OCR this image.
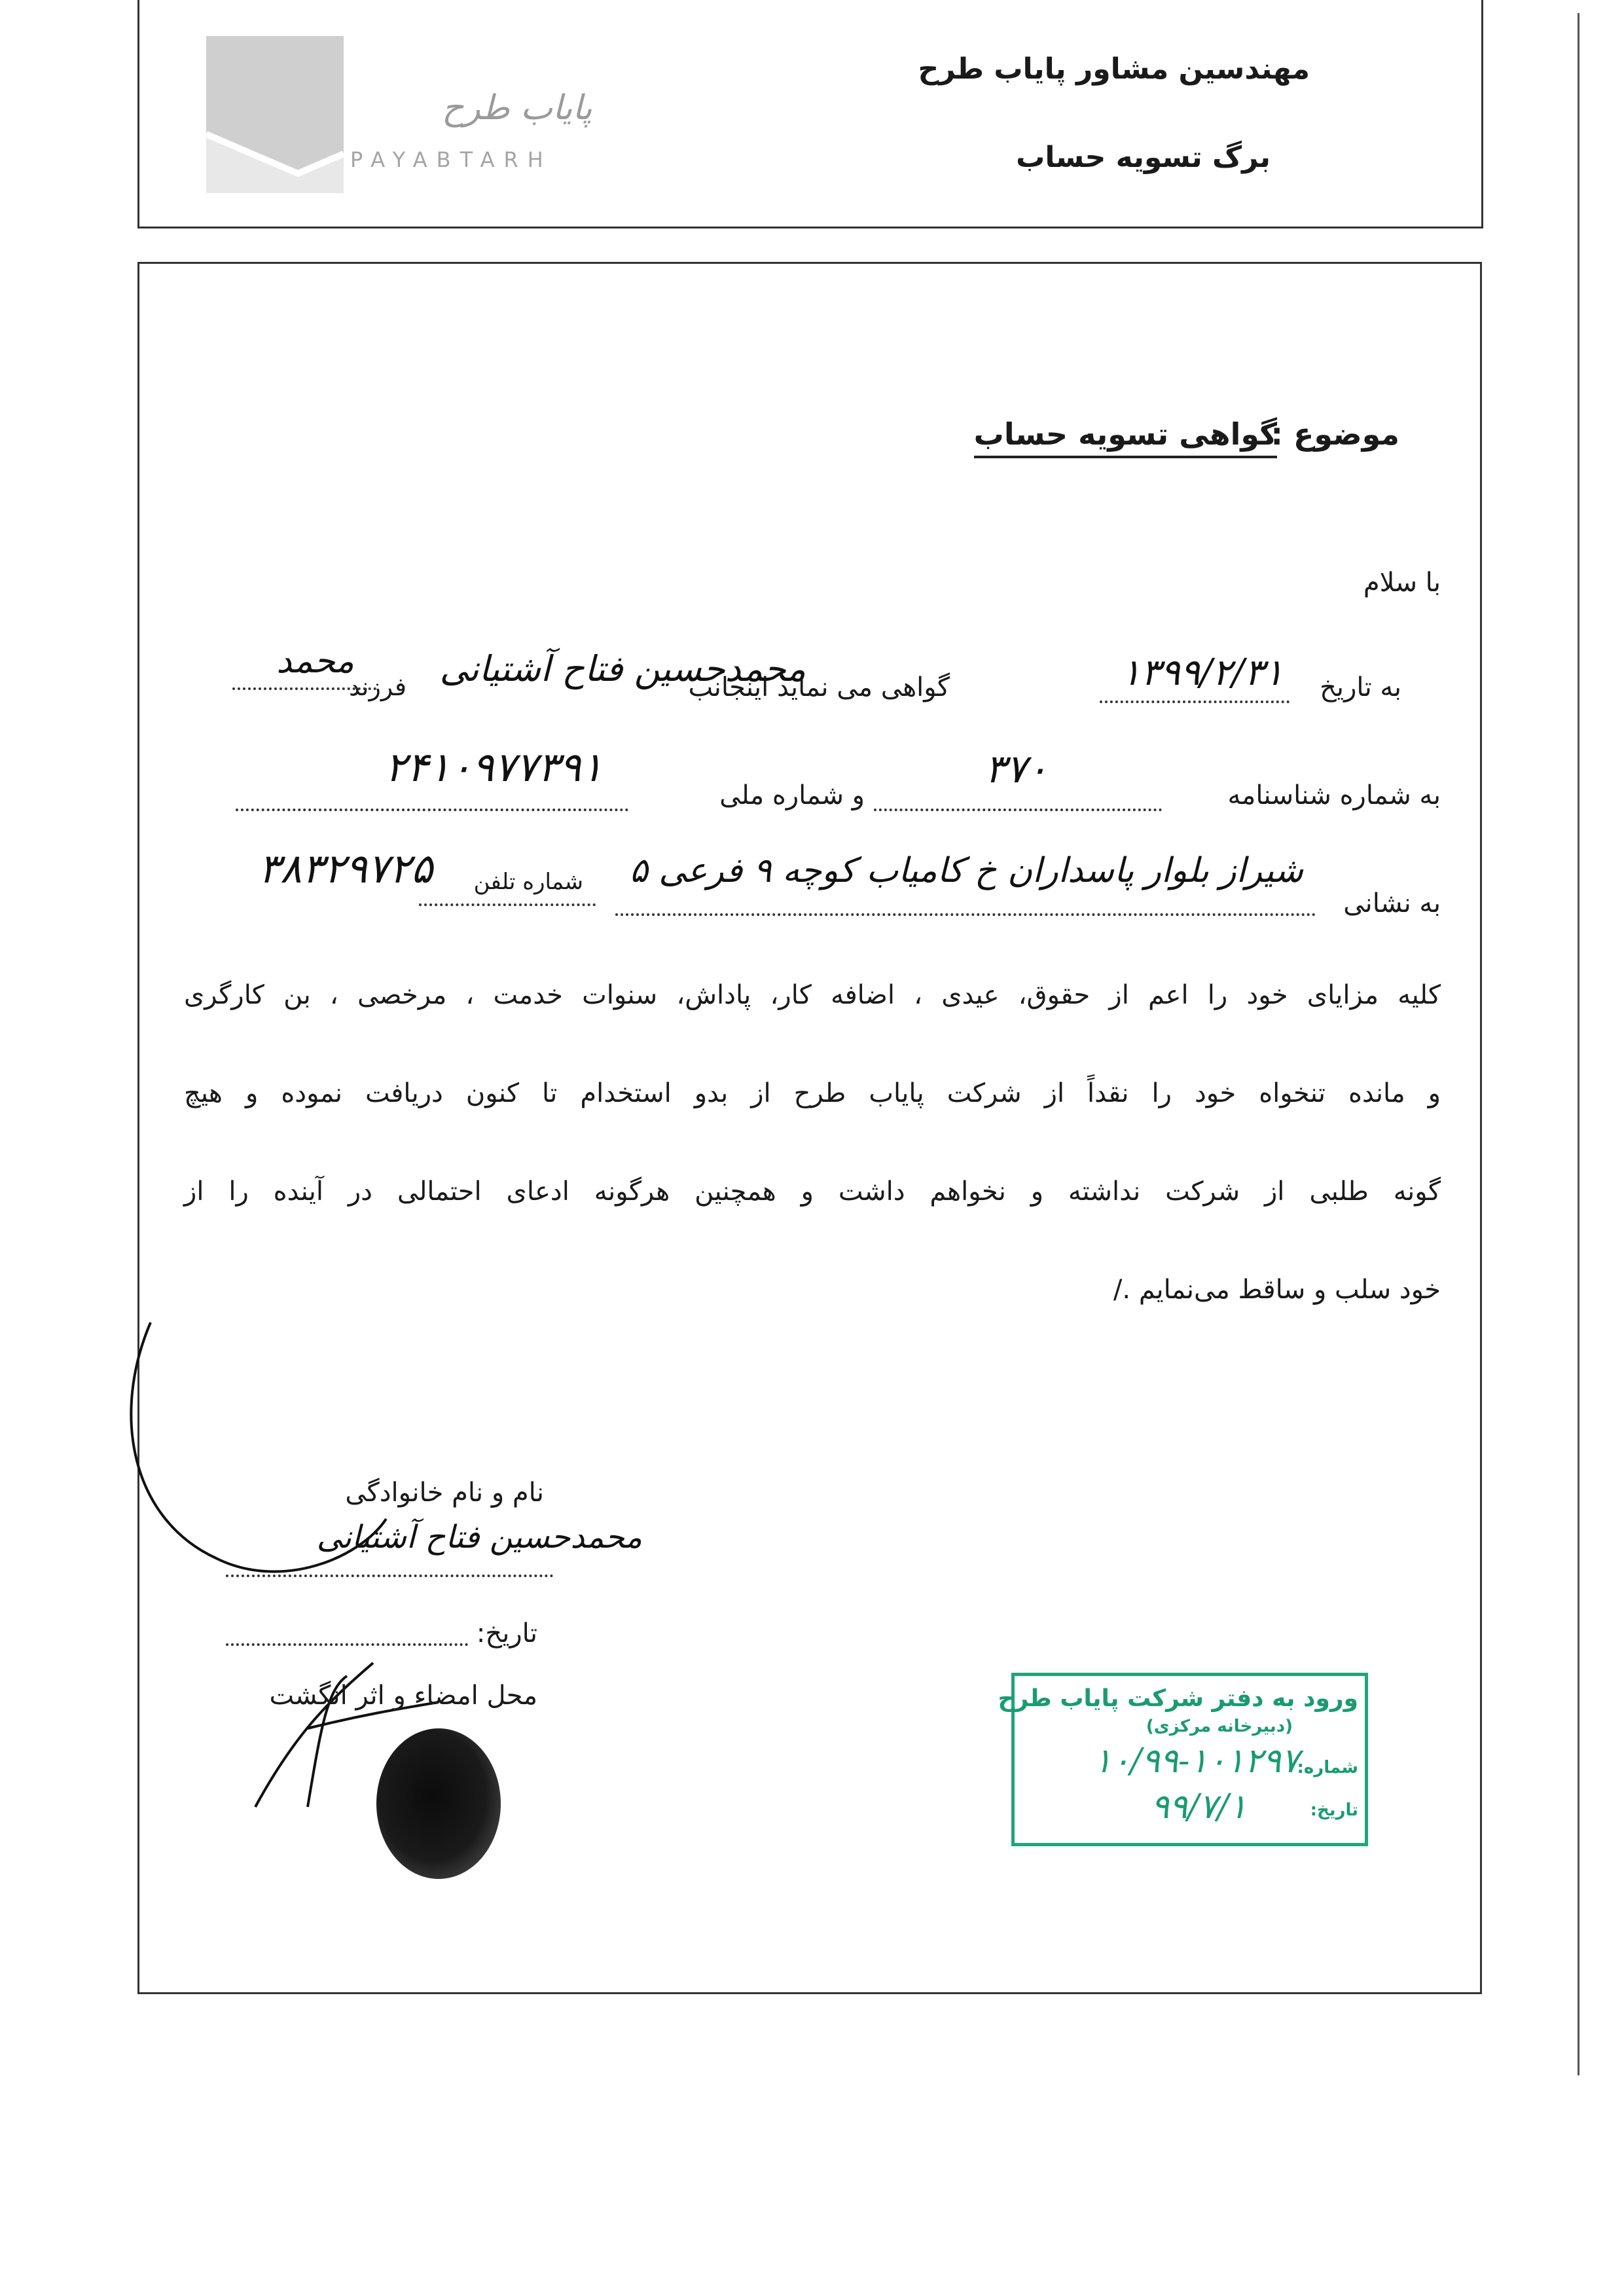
پایاب طرح
PAYABTARH
مهندسین مشاور پایاب طرح
برگ تسویه حساب
موضوع :
گواهی تسویه حساب
با سلام
به تاریخ
۱۳۹۹/۲/۳۱
گواهی می نماید اینجانب
محمدحسین فتاح آشتیانی
فرزند
محمد
به شماره شناسنامه
۳۷۰
و شماره ملی
۲۴۱۰۹۷۷۳۹۱
به نشانی
شیراز بلوار پاسداران خ کامیاب کوچه ۹ فرعی ۵
شماره تلفن
۳۸۳۲۹۷۲۵
کلیه مزایای خود را اعم از حقوق، عیدی ، اضافه کار، پاداش، سنوات خدمت ، مرخصی ، بن کارگری
و مانده تنخواه خود را نقداً از شرکت پایاب طرح از بدو استخدام تا کنون دریافت نموده و هیچ
گونه طلبی از شرکت نداشته و نخواهم داشت و همچنین هرگونه ادعای احتمالی در آینده را از
خود سلب و ساقط می‌نمایم ./
نام و نام خانوادگی
محمدحسین فتاح آشتیانی
تاریخ:
محل امضاء و اثر انگشت	ورود به دفتر شرکت پایاب طرح
(دبیرخانه مرکزی)
شماره:
۱۰/۹۹-۱۰۱۲۹۷
تاریخ:
۹۹/۷/۱
